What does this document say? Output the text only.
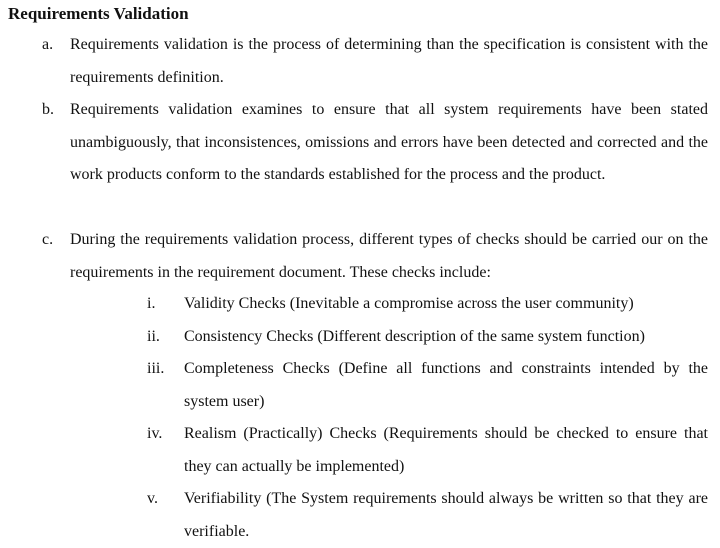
Requirements Validation
a. Requirements validation is the process of determining than the specification is consistent with the requirements definition.
b. Requirements validation examines to ensure that all system requirements have been stated unambiguously, that inconsistences, omissions and errors have been detected and corrected and the work products conform to the standards established for the process and the product.
c. During the requirements validation process, different types of checks should be carried our on the requirements in the requirement document. These checks include:
i. Validity Checks (Inevitable a compromise across the user community)
ii. Consistency Checks (Different description of the same system function)
iii. Completeness Checks (Define all functions and constraints intended by the system user)
iv. Realism (Practically) Checks (Requirements should be checked to ensure that they can actually be implemented)
v. Verifiability (The System requirements should always be written so that they are verifiable.
